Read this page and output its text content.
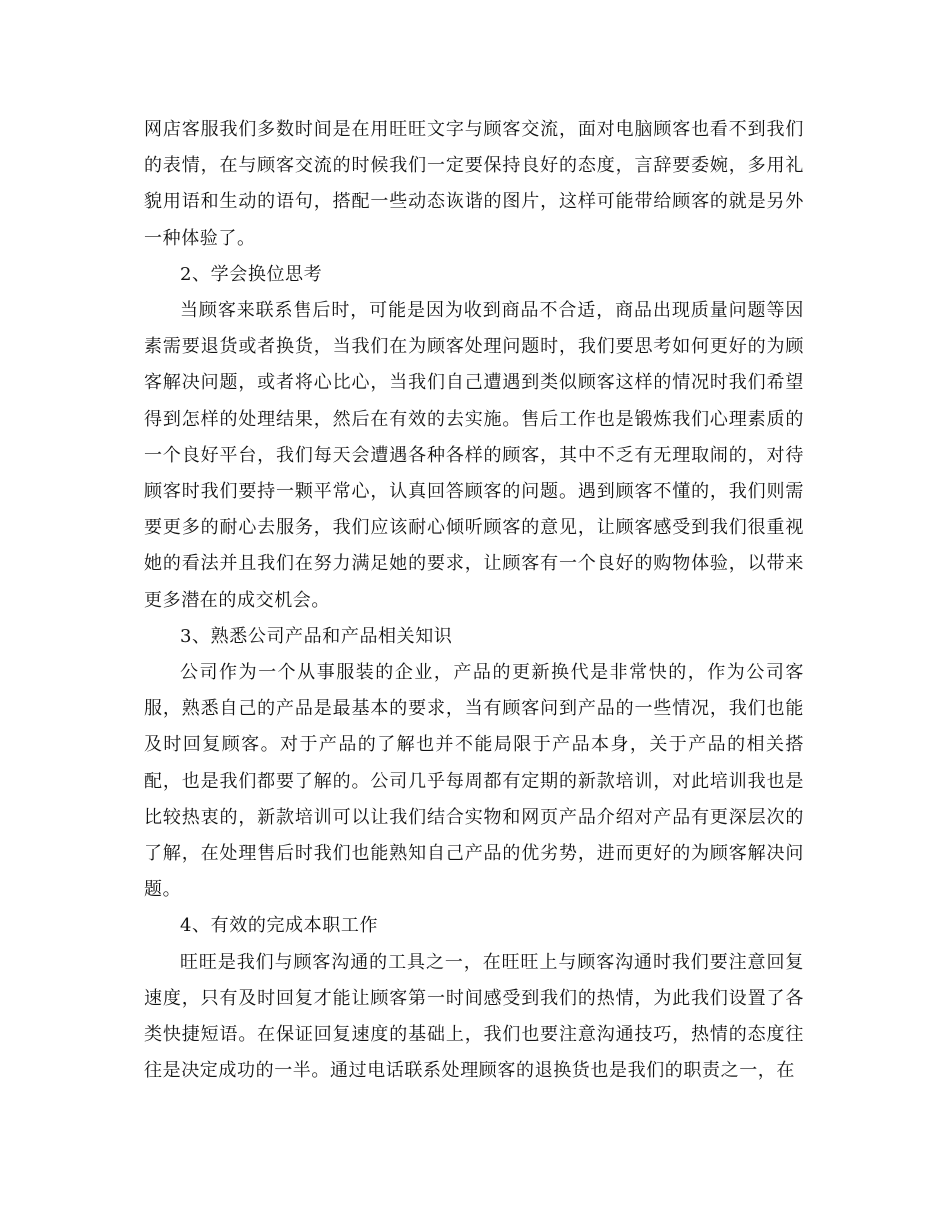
网店客服我们多数时间是在用旺旺文字与顾客交流，面对电脑顾客也看不到我们的表情，在与顾客交流的时候我们一定要保持良好的态度，言辞要委婉，多用礼貌用语和生动的语句，搭配一些动态诙谐的图片，这样可能带给顾客的就是另外一种体验了。

2、学会换位思考

当顾客来联系售后时，可能是因为收到商品不合适，商品出现质量问题等因素需要退货或者换货，当我们在为顾客处理问题时，我们要思考如何更好的为顾客解决问题，或者将心比心，当我们自己遭遇到类似顾客这样的情况时我们希望得到怎样的处理结果，然后在有效的去实施。售后工作也是锻炼我们心理素质的一个良好平台，我们每天会遭遇各种各样的顾客，其中不乏有无理取闹的，对待顾客时我们要持一颗平常心，认真回答顾客的问题。遇到顾客不懂的，我们则需要更多的耐心去服务，我们应该耐心倾听顾客的意见，让顾客感受到我们很重视她的看法并且我们在努力满足她的要求，让顾客有一个良好的购物体验，以带来更多潜在的成交机会。

3、熟悉公司产品和产品相关知识

公司作为一个从事服装的企业，产品的更新换代是非常快的，作为公司客服，熟悉自己的产品是最基本的要求，当有顾客问到产品的一些情况，我们也能及时回复顾客。对于产品的了解也并不能局限于产品本身，关于产品的相关搭配，也是我们都要了解的。公司几乎每周都有定期的新款培训，对此培训我也是比较热衷的，新款培训可以让我们结合实物和网页产品介绍对产品有更深层次的了解，在处理售后时我们也能熟知自己产品的优劣势，进而更好的为顾客解决问题。

4、有效的完成本职工作

旺旺是我们与顾客沟通的工具之一，在旺旺上与顾客沟通时我们要注意回复速度，只有及时回复才能让顾客第一时间感受到我们的热情，为此我们设置了各类快捷短语。在保证回复速度的基础上，我们也要注意沟通技巧，热情的态度往往是决定成功的一半。通过电话联系处理顾客的退换货也是我们的职责之一，在
